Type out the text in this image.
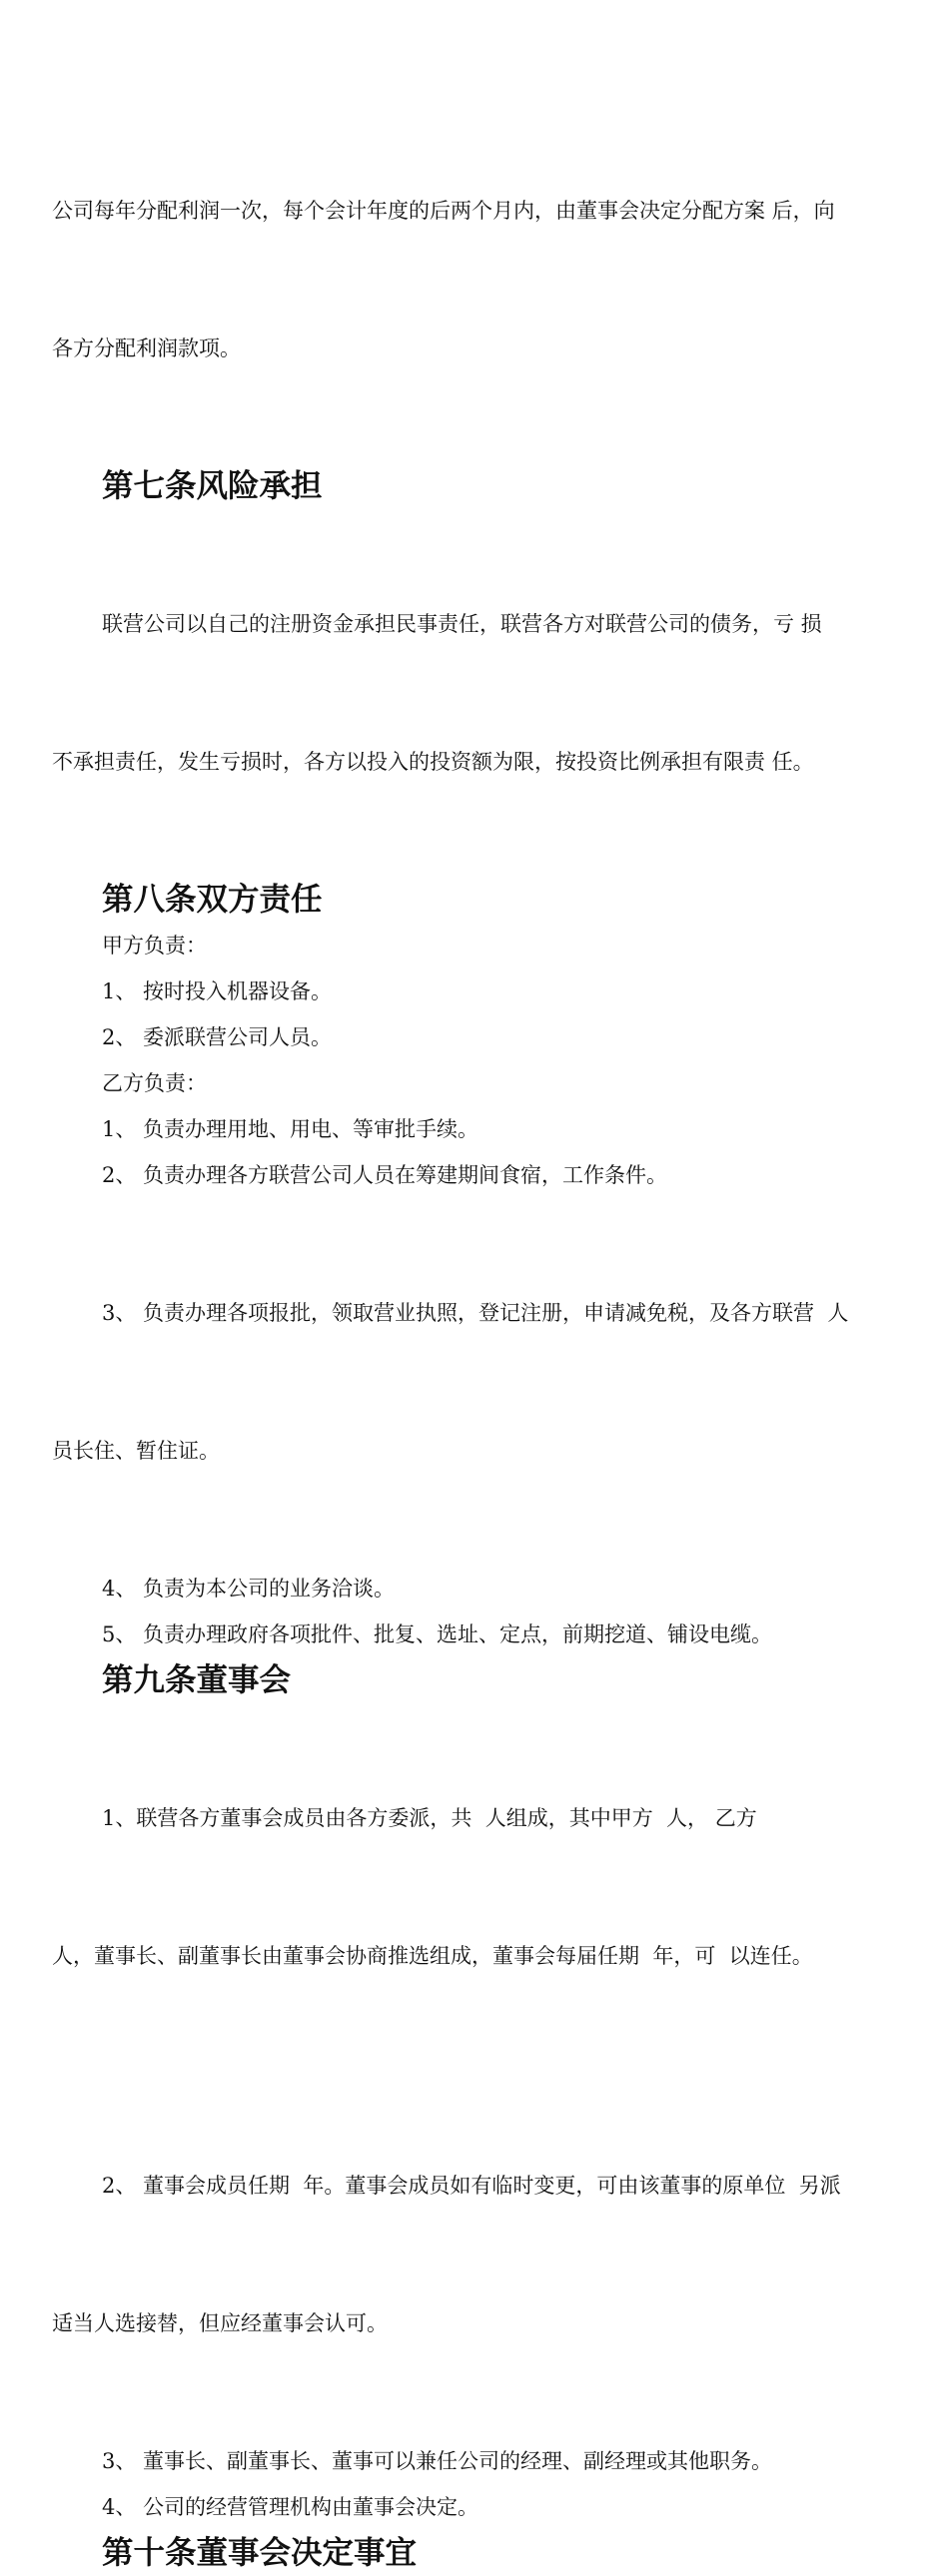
公司每年分配利润一次，每个会计年度的后两个月内，由董事会决定分配方案 后，向

各方分配利润款项。

第七条风险承担

联营公司以自己的注册资金承担民事责任，联营各方对联营公司的债务，亏 损

不承担责任，发生亏损时，各方以投入的投资额为限，按投资比例承担有限责 任。

第八条双方责任

甲方负责：

1、 按时投入机器设备。

2、 委派联营公司人员。

乙方负责：

1、 负责办理用地、用电、等审批手续。

2、 负责办理各方联营公司人员在筹建期间食宿，工作条件。

3、 负责办理各项报批，领取营业执照，登记注册，申请减免税，及各方联营  人

员长住、暂住证。

4、 负责为本公司的业务洽谈。

5、 负责办理政府各项批件、批复、选址、定点，前期挖道、铺设电缆。

第九条董事会

1、联营各方董事会成员由各方委派，共  人组成，其中甲方  人， 乙方

人，董事长、副董事长由董事会协商推选组成，董事会每届任期  年，可  以连任。

2、 董事会成员任期  年。董事会成员如有临时变更，可由该董事的原单位  另派

适当人选接替，但应经董事会认可。

3、 董事长、副董事长、董事可以兼任公司的经理、副经理或其他职务。

4、 公司的经营管理机构由董事会决定。

第十条董事会决定事宜
